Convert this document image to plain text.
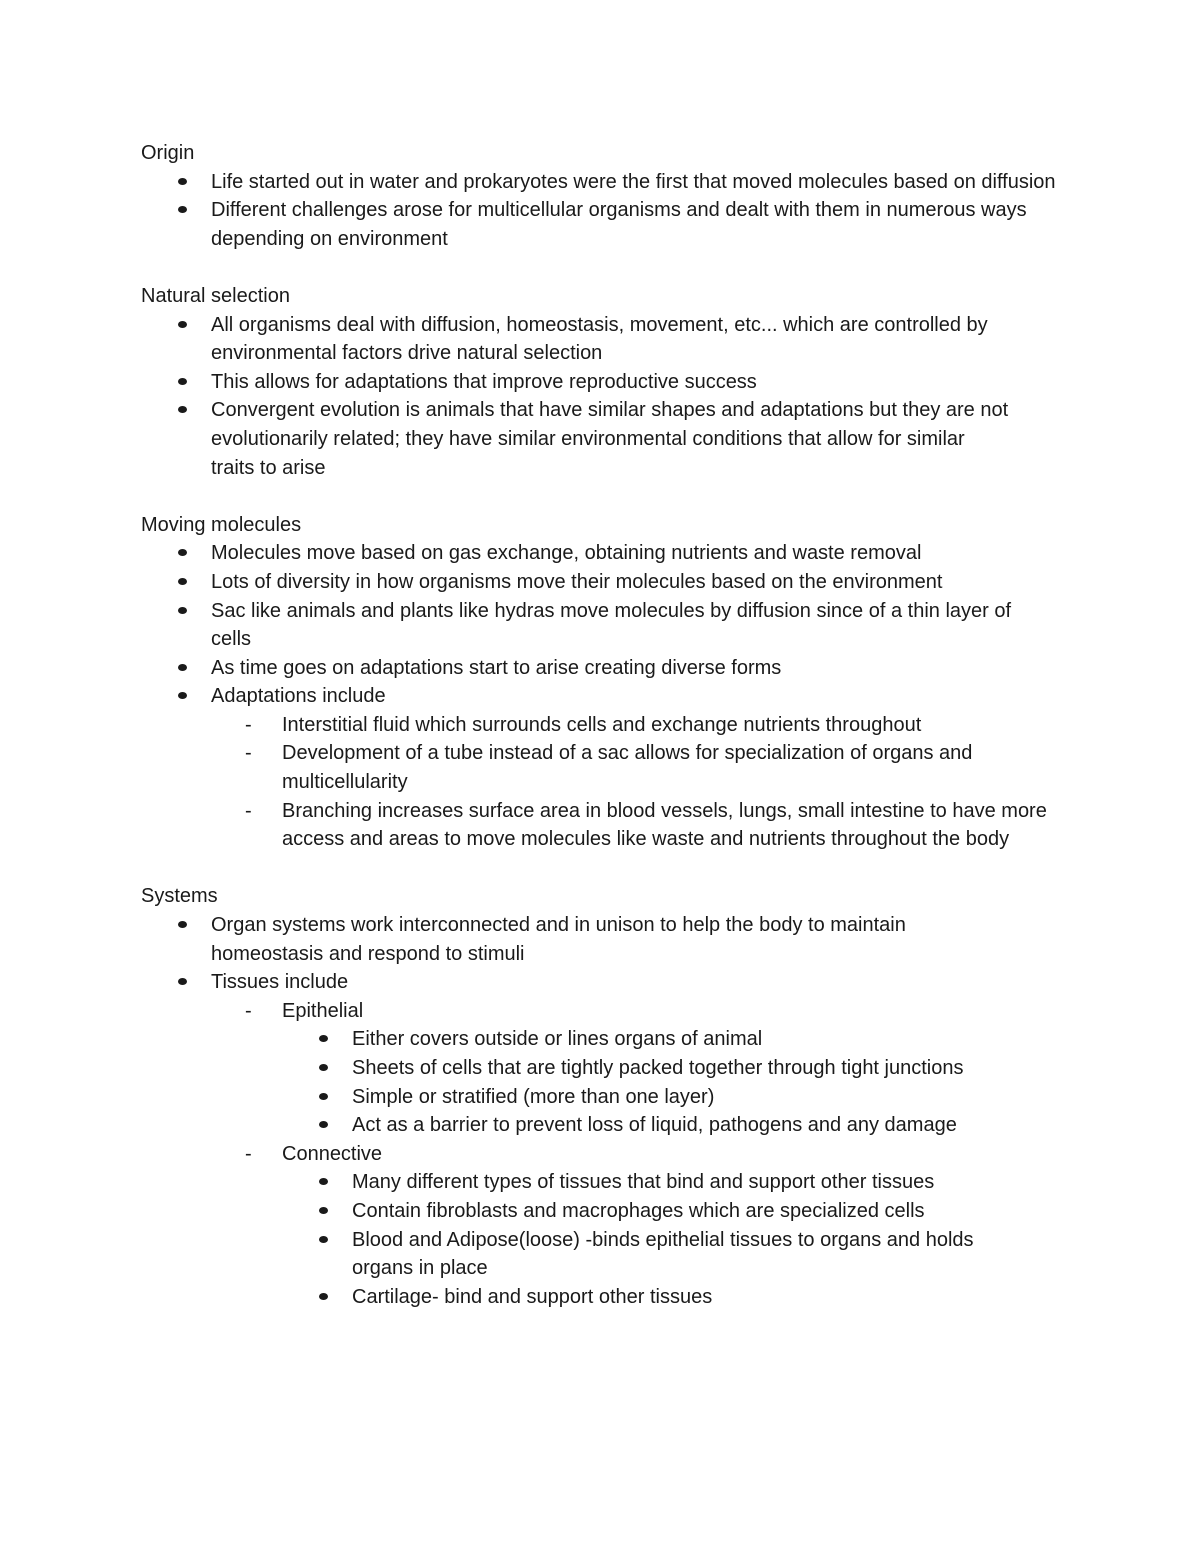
Origin
Life started out in water and prokaryotes were the first that moved molecules based on diffusion
Different challenges arose for multicellular organisms and dealt with them in numerous ways depending on environment
Natural selection
All organisms deal with diffusion, homeostasis, movement, etc... which are controlled by environmental factors drive natural selection
This allows for adaptations that improve reproductive success
Convergent evolution is animals that have similar shapes and adaptations but they are not evolutionarily related; they have similar environmental conditions that allow for similar traits to arise
Moving molecules
Molecules move based on gas exchange, obtaining nutrients and waste removal
Lots of diversity in how organisms move their molecules based on the environment
Sac like animals and plants like hydras move molecules by diffusion since of a thin layer of cells
As time goes on adaptations start to arise creating diverse forms
Adaptations include
- Interstitial fluid which surrounds cells and exchange nutrients throughout
- Development of a tube instead of a sac allows for specialization of organs and multicellularity
- Branching increases surface area in blood vessels, lungs, small intestine to have more access and areas to move molecules like waste and nutrients throughout the body
Systems
Organ systems work interconnected and in unison to help the body to maintain homeostasis and respond to stimuli
Tissues include
- Epithelial
Either covers outside or lines organs of animal
Sheets of cells that are tightly packed together through tight junctions
Simple or stratified (more than one layer)
Act as a barrier to prevent loss of liquid, pathogens and any damage
- Connective
Many different types of tissues that bind and support other tissues
Contain fibroblasts and macrophages which are specialized cells
Blood and Adipose(loose) -binds epithelial tissues to organs and holds organs in place
Cartilage- bind and support other tissues
